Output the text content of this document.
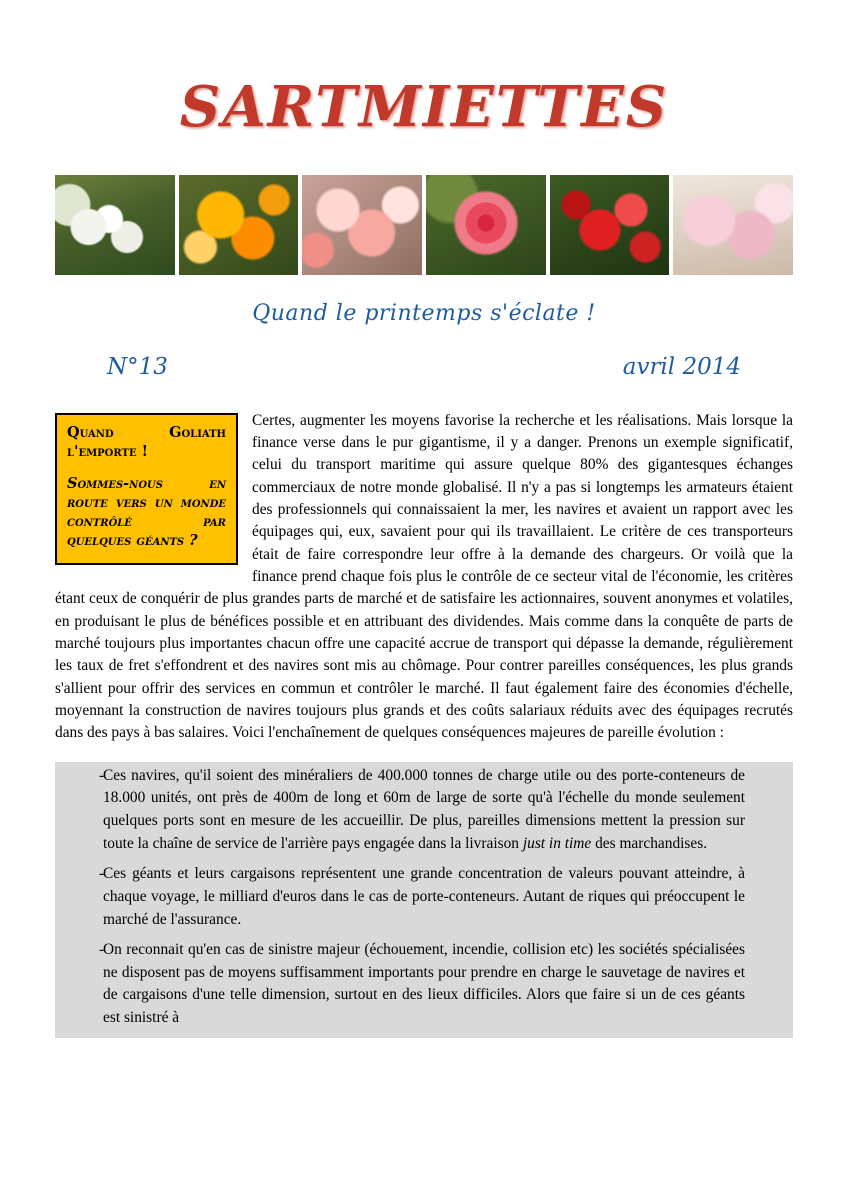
SARTMIETTES
Quand le printemps s'éclate !
N°13	avril 2014
Quand Goliath l'emporte !
Sommes-nous en route vers un monde contrôlé par quelques géants ?

Certes, augmenter les moyens favorise la recherche et les réalisations. Mais lorsque la finance verse dans le pur gigantisme, il y a danger. Prenons un exemple significatif, celui du transport maritime qui assure quelque 80% des gigantesques échanges commerciaux de notre monde globalisé. Il n'y a pas si longtemps les armateurs étaient des professionnels qui connaissaient la mer, les navires et avaient un rapport avec les équipages qui, eux, savaient pour qui ils travaillaient. Le critère de ces transporteurs était de faire correspondre leur offre à la demande des chargeurs. Or voilà que la finance prend chaque fois plus le contrôle de ce secteur vital de l'économie, les critères étant ceux de conquérir de plus grandes parts de marché et de satisfaire les actionnaires, souvent anonymes et volatiles, en produisant le plus de bénéfices possible et en attribuant des dividendes. Mais comme dans la conquête de parts de marché toujours plus importantes chacun offre une capacité accrue de transport qui dépasse la demande, régulièrement les taux de fret s'effondrent et des navires sont mis au chômage. Pour contrer pareilles conséquences, les plus grands s'allient pour offrir des services en commun et contrôler le marché. Il faut également faire des économies d'échelle, moyennant la construction de navires toujours plus grands et des coûts salariaux réduits avec des équipages recrutés dans des pays à bas salaires. Voici l'enchaînement de quelques conséquences majeures de pareille évolution :

-
Ces navires, qu'il soient des minéraliers de 400.000 tonnes de charge utile ou des porte-conteneurs de 18.000 unités, ont près de 400m de long et 60m de large de sorte qu'à l'échelle du monde seulement quelques ports sont en mesure de les accueillir. De plus, pareilles dimensions mettent la pression sur toute la chaîne de service de l'arrière pays engagée dans la livraison just in time des marchandises.
-
Ces géants et leurs cargaisons représentent une grande concentration de valeurs pouvant atteindre, à chaque voyage, le milliard d'euros dans le cas de porte-conteneurs. Autant de riques qui préoccupent le marché de l'assurance.
-
On reconnait qu'en cas de sinistre majeur (échouement, incendie, collision etc) les sociétés spécialisées ne disposent pas de moyens suffisamment importants pour prendre en charge le sauvetage de navires et de cargaisons d'une telle dimension, surtout en des lieux difficiles. Alors que faire si un de ces géants est sinistré à
